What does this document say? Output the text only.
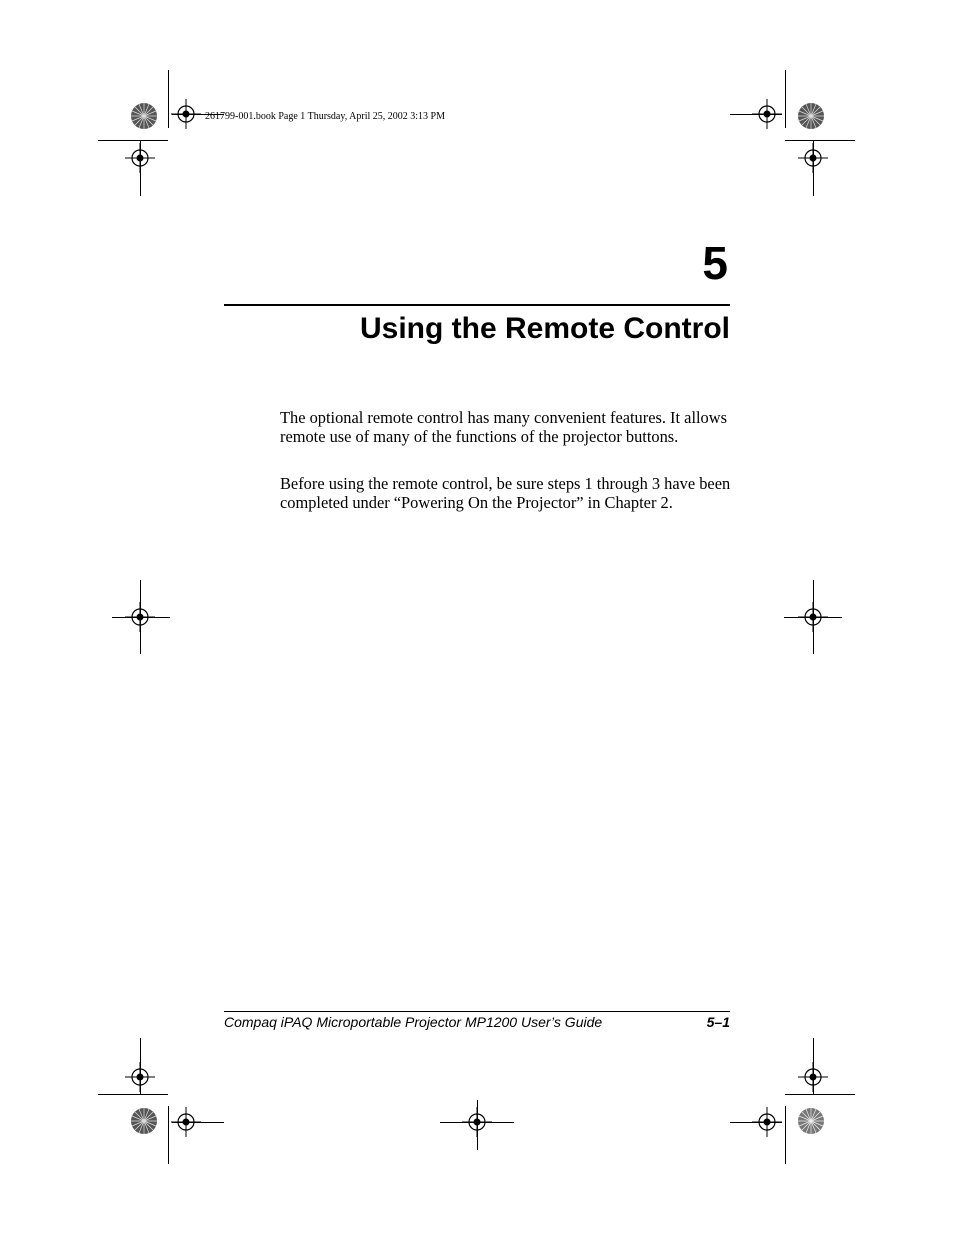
261799-001.book Page 1 Thursday, April 25, 2002 3:13 PM
5
Using the Remote Control

The optional remote control has many convenient features. It allows remote use of many of the functions of the projector buttons.

Before using the remote control, be sure steps 1 through 3 have been completed under “Powering On the Projector” in Chapter 2.

Compaq iPAQ Microportable Projector MP1200 User’s Guide	5–1
